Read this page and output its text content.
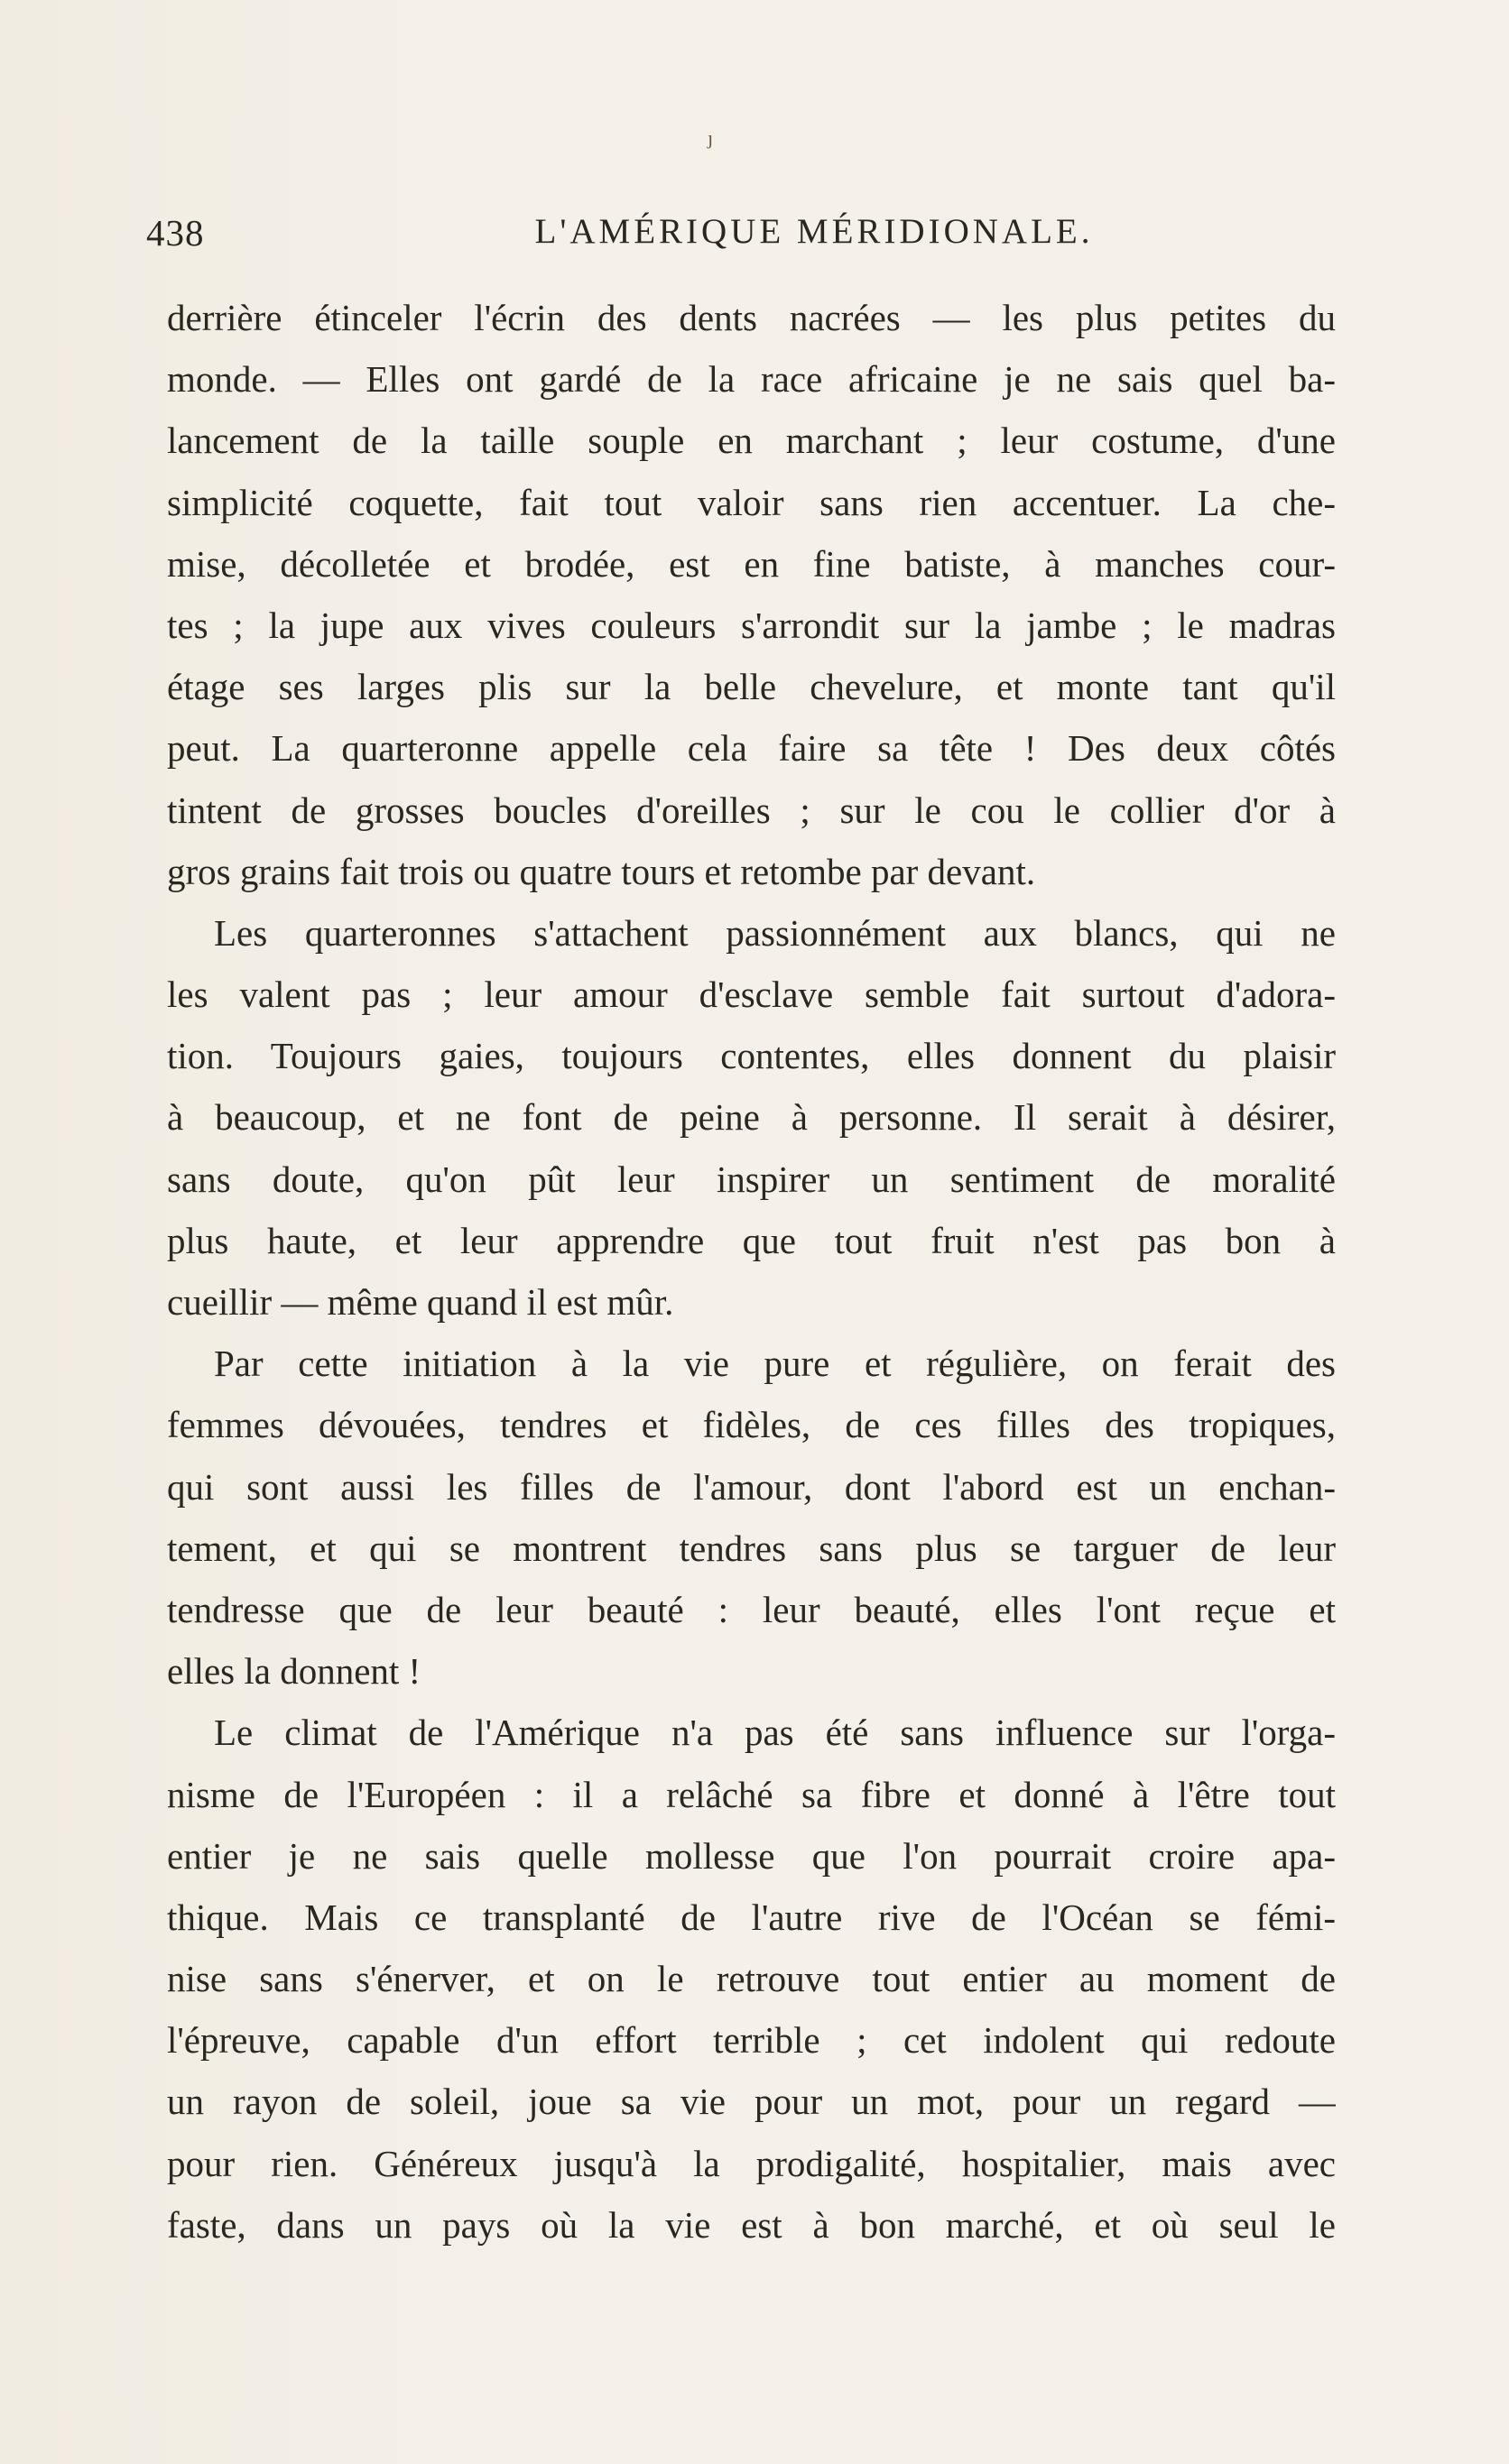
ȷ
438	L'AMÉRIQUE MÉRIDIONALE.
derrière étinceler l'écrin des dents nacrées — les plus petites du
monde. — Elles ont gardé de la race africaine je ne sais quel ba-
lancement de la taille souple en marchant ; leur costume, d'une
simplicité coquette, fait tout valoir sans rien accentuer. La che-
mise, décolletée et brodée, est en fine batiste, à manches cour-
tes ; la jupe aux vives couleurs s'arrondit sur la jambe ; le madras
étage ses larges plis sur la belle chevelure, et monte tant qu'il
peut. La quarteronne appelle cela faire sa tête ! Des deux côtés
tintent de grosses boucles d'oreilles ; sur le cou le collier d'or à
gros grains fait trois ou quatre tours et retombe par devant.
Les quarteronnes s'attachent passionnément aux blancs, qui ne
les valent pas ; leur amour d'esclave semble fait surtout d'adora-
tion. Toujours gaies, toujours contentes, elles donnent du plaisir
à beaucoup, et ne font de peine à personne. Il serait à désirer,
sans doute, qu'on pût leur inspirer un sentiment de moralité
plus haute, et leur apprendre que tout fruit n'est pas bon à
cueillir — même quand il est mûr.
Par cette initiation à la vie pure et régulière, on ferait des
femmes dévouées, tendres et fidèles, de ces filles des tropiques,
qui sont aussi les filles de l'amour, dont l'abord est un enchan-
tement, et qui se montrent tendres sans plus se targuer de leur
tendresse que de leur beauté : leur beauté, elles l'ont reçue et
elles la donnent !
Le climat de l'Amérique n'a pas été sans influence sur l'orga-
nisme de l'Européen : il a relâché sa fibre et donné à l'être tout
entier je ne sais quelle mollesse que l'on pourrait croire apa-
thique. Mais ce transplanté de l'autre rive de l'Océan se fémi-
nise sans s'énerver, et on le retrouve tout entier au moment de
l'épreuve, capable d'un effort terrible ; cet indolent qui redoute
un rayon de soleil, joue sa vie pour un mot, pour un regard —
pour rien. Généreux jusqu'à la prodigalité, hospitalier, mais avec
faste, dans un pays où la vie est à bon marché, et où seul le
